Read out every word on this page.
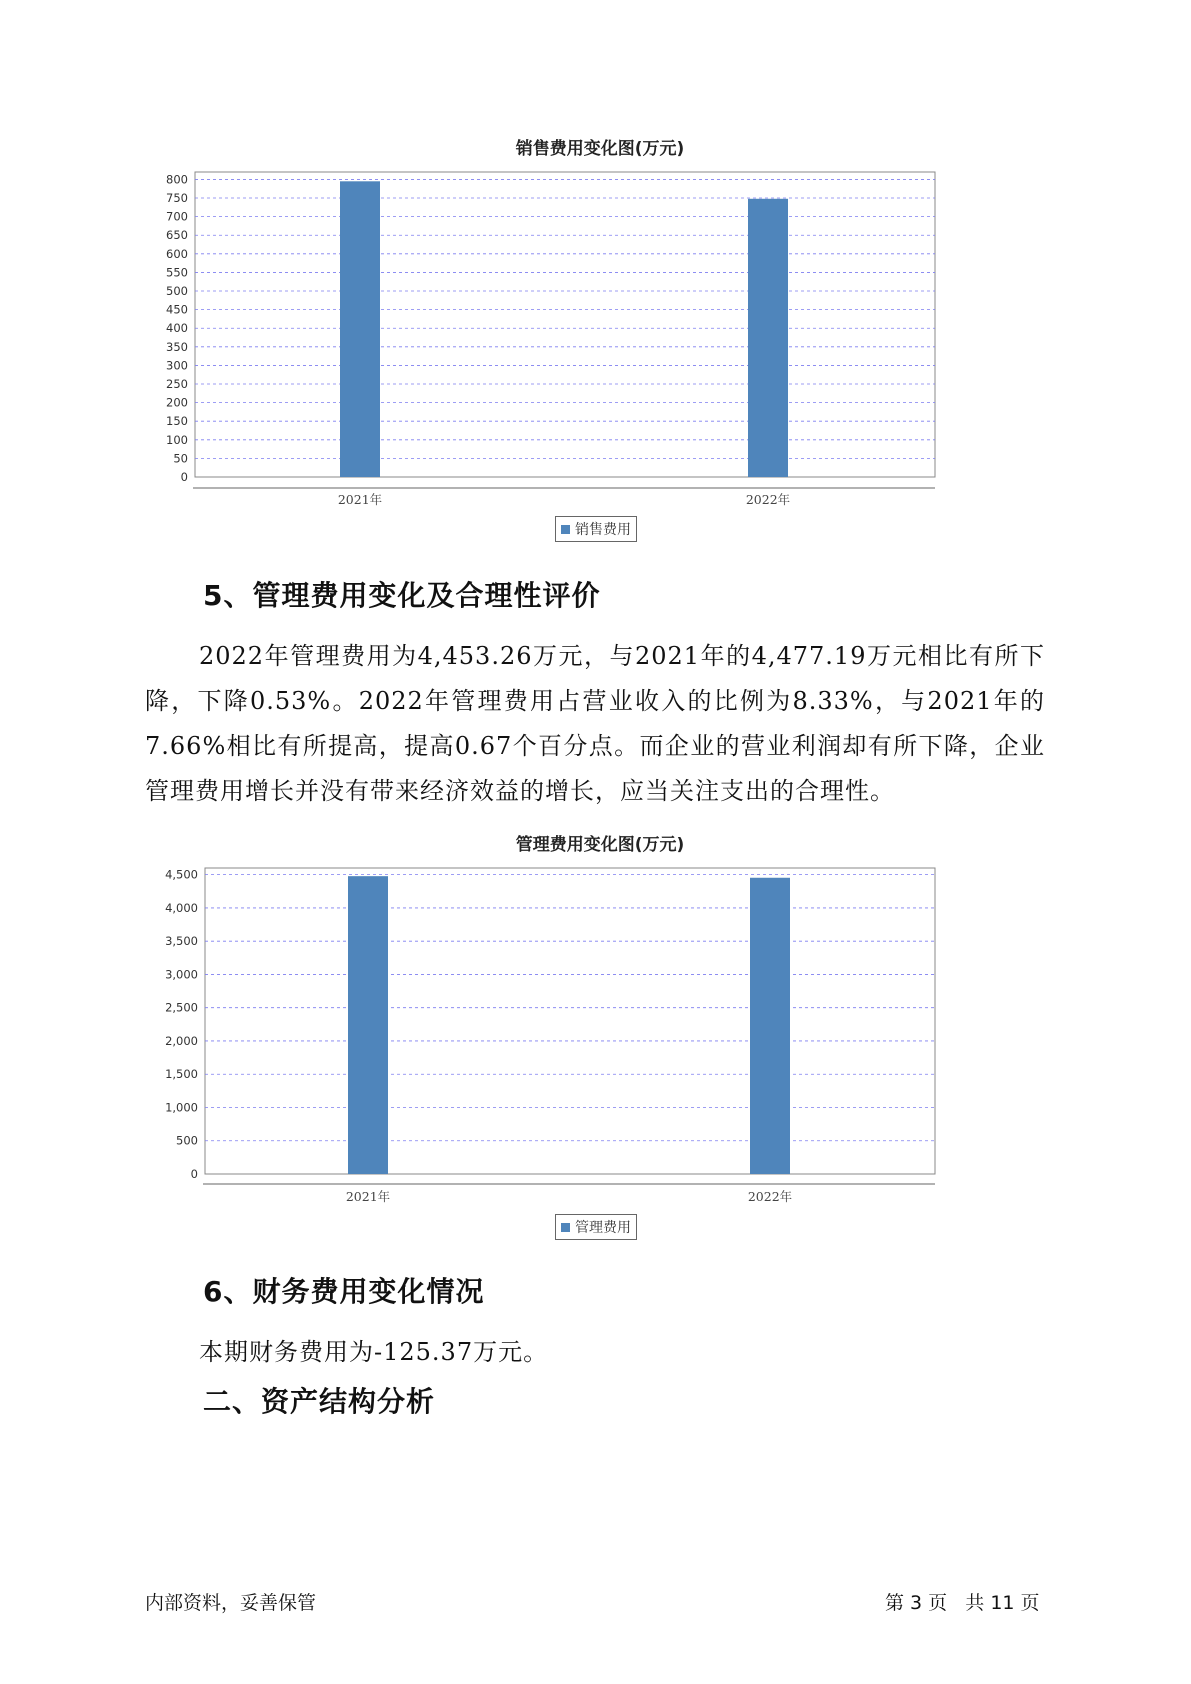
销售费用变化图(万元)
0
50
100
150
200
250
300
350
400
450
500
550
600
650
700
750
800
2021年	2022年
销售费用
5、管理费用变化及合理性评价
2022年管理费用为4,453.26万元，与2021年的4,477.19万元相比有所下降，下降0.53%。2022年管理费用占营业收入的比例为8.33%，与2021年的7.66%相比有所提高，提高0.67个百分点。而企业的营业利润却有所下降，企业管理费用增长并没有带来经济效益的增长，应当关注支出的合理性。
管理费用变化图(万元)
0
500
1,000
1,500
2,000
2,500
3,000
3,500
4,000
4,500
2021年	2022年
管理费用
6、财务费用变化情况
本期财务费用为-125.37万元。
二、资产结构分析
内部资料，妥善保管	第 3 页   共 11 页
